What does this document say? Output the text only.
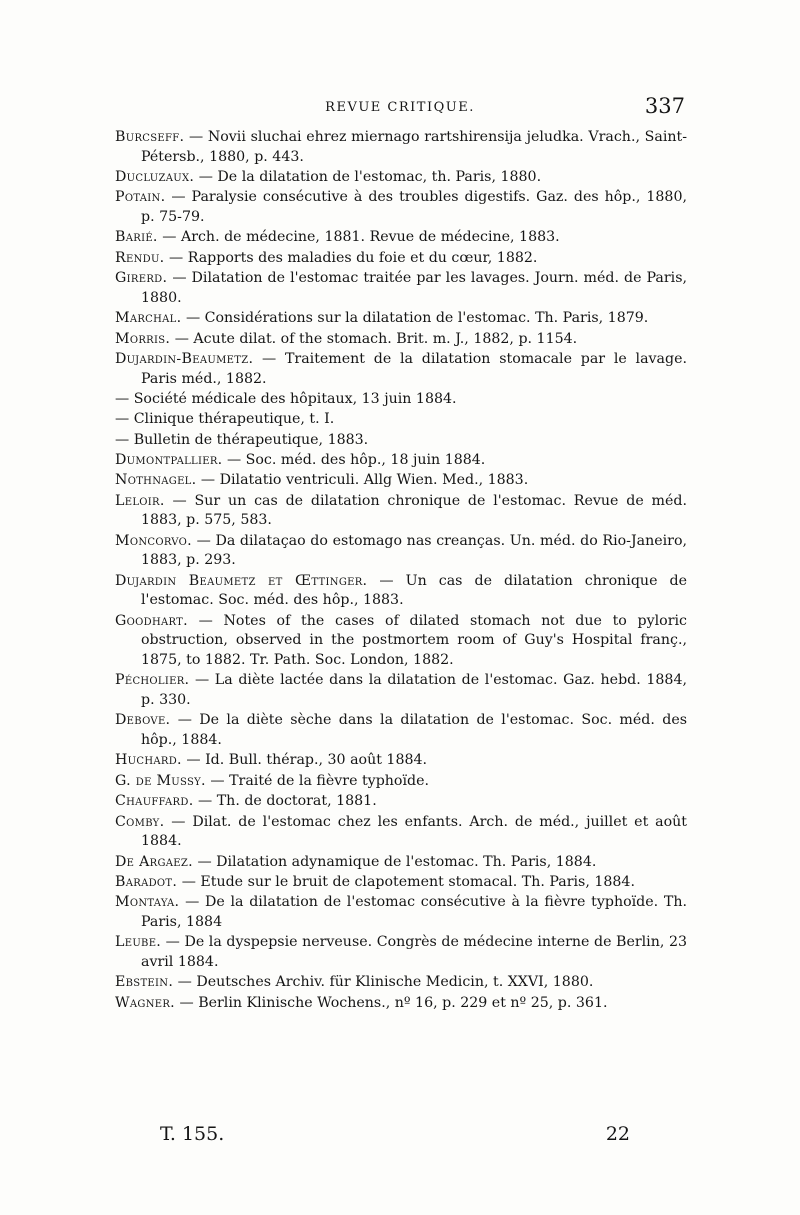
REVUE CRITIQUE.	337

Burcseff. — Novii sluchai ehrez miernago rartshirensija jeludka. Vrach., Saint-Pétersb., 1880, p. 443.

Ducluzaux. — De la dilatation de l'estomac, th. Paris, 1880.

Potain. — Paralysie consécutive à des troubles digestifs. Gaz. des hôp., 1880, p. 75-79.

Barié. — Arch. de médecine, 1881. Revue de médecine, 1883.

Rendu. — Rapports des maladies du foie et du cœur, 1882.

Girerd. — Dilatation de l'estomac traitée par les lavages. Journ. méd. de Paris, 1880.

Marchal. — Considérations sur la dilatation de l'estomac. Th. Paris, 1879.

Morris. — Acute dilat. of the stomach. Brit. m. J., 1882, p. 1154.

Dujardin-Beaumetz. — Traitement de la dilatation stomacale par le lavage. Paris méd., 1882.

— Société médicale des hôpitaux, 13 juin 1884.

— Clinique thérapeutique, t. I.

— Bulletin de thérapeutique, 1883.

Dumontpallier. — Soc. méd. des hôp., 18 juin 1884.

Nothnagel. — Dilatatio ventriculi. Allg Wien. Med., 1883.

Leloir. — Sur un cas de dilatation chronique de l'estomac. Revue de méd. 1883, p. 575, 583.

Moncorvo. — Da dilataçao do estomago nas creanças. Un. méd. do Rio-Janeiro, 1883, p. 293.

Dujardin Beaumetz et Œttinger. — Un cas de dilatation chronique de l'estomac. Soc. méd. des hôp., 1883.

Goodhart. — Notes of the cases of dilated stomach not due to pyloric obstruction, observed in the postmortem room of Guy's Hospital franç., 1875, to 1882. Tr. Path. Soc. London, 1882.

Pécholier. — La diète lactée dans la dilatation de l'estomac. Gaz. hebd. 1884, p. 330.

Debove. — De la diète sèche dans la dilatation de l'estomac. Soc. méd. des hôp., 1884.

Huchard. — Id. Bull. thérap., 30 août 1884.

G. de Mussy. — Traité de la fièvre typhoïde.

Chauffard. — Th. de doctorat, 1881.

Comby. — Dilat. de l'estomac chez les enfants. Arch. de méd., juillet et août 1884.

De Argaez. — Dilatation adynamique de l'estomac. Th. Paris, 1884.

Baradot. — Etude sur le bruit de clapotement stomacal. Th. Paris, 1884.

Montaya. — De la dilatation de l'estomac consécutive à la fièvre typhoïde. Th. Paris, 1884

Leube. — De la dyspepsie nerveuse. Congrès de médecine interne de Berlin, 23 avril 1884.

Ebstein. — Deutsches Archiv. für Klinische Medicin, t. XXVI, 1880.

Wagner. — Berlin Klinische Wochens., nº 16, p. 229 et nº 25, p. 361.

T. 155.	22
